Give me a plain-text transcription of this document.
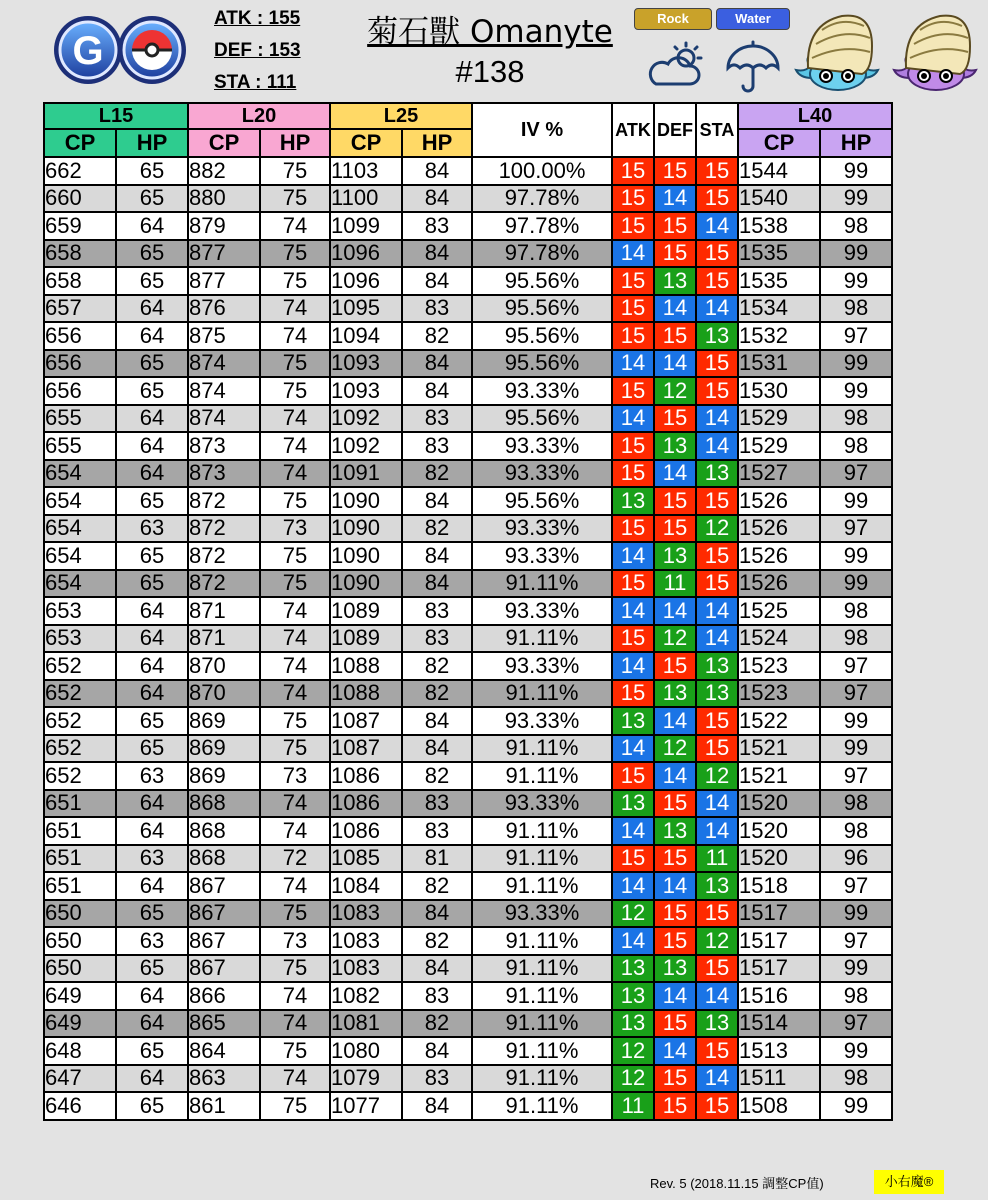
G
ATK : 155
DEF : 153
STA : 111
菊石獸 Omanyte
#138
Rock	Water
L15		L20		L25		IV %	ATK	DEF	STA	L40	
CP	HP	CP	HP	CP	HP					CP	HP
662	65	882	75	1103	84	100.00%	15	15	15	1544	99
660	65	880	75	1100	84	97.78%	15	14	15	1540	99
659	64	879	74	1099	83	97.78%	15	15	14	1538	98
658	65	877	75	1096	84	97.78%	14	15	15	1535	99
658	65	877	75	1096	84	95.56%	15	13	15	1535	99
657	64	876	74	1095	83	95.56%	15	14	14	1534	98
656	64	875	74	1094	82	95.56%	15	15	13	1532	97
656	65	874	75	1093	84	95.56%	14	14	15	1531	99
656	65	874	75	1093	84	93.33%	15	12	15	1530	99
655	64	874	74	1092	83	95.56%	14	15	14	1529	98
655	64	873	74	1092	83	93.33%	15	13	14	1529	98
654	64	873	74	1091	82	93.33%	15	14	13	1527	97
654	65	872	75	1090	84	95.56%	13	15	15	1526	99
654	63	872	73	1090	82	93.33%	15	15	12	1526	97
654	65	872	75	1090	84	93.33%	14	13	15	1526	99
654	65	872	75	1090	84	91.11%	15	11	15	1526	99
653	64	871	74	1089	83	93.33%	14	14	14	1525	98
653	64	871	74	1089	83	91.11%	15	12	14	1524	98
652	64	870	74	1088	82	93.33%	14	15	13	1523	97
652	64	870	74	1088	82	91.11%	15	13	13	1523	97
652	65	869	75	1087	84	93.33%	13	14	15	1522	99
652	65	869	75	1087	84	91.11%	14	12	15	1521	99
652	63	869	73	1086	82	91.11%	15	14	12	1521	97
651	64	868	74	1086	83	93.33%	13	15	14	1520	98
651	64	868	74	1086	83	91.11%	14	13	14	1520	98
651	63	868	72	1085	81	91.11%	15	15	11	1520	96
651	64	867	74	1084	82	91.11%	14	14	13	1518	97
650	65	867	75	1083	84	93.33%	12	15	15	1517	99
650	63	867	73	1083	82	91.11%	14	15	12	1517	97
650	65	867	75	1083	84	91.11%	13	13	15	1517	99
649	64	866	74	1082	83	91.11%	13	14	14	1516	98
649	64	865	74	1081	82	91.11%	13	15	13	1514	97
648	65	864	75	1080	84	91.11%	12	14	15	1513	99
647	64	863	74	1079	83	91.11%	12	15	14	1511	98
646	65	861	75	1077	84	91.11%	11	15	15	1508	99
Rev. 5 (2018.11.15 調整CP值)	小右魔®
